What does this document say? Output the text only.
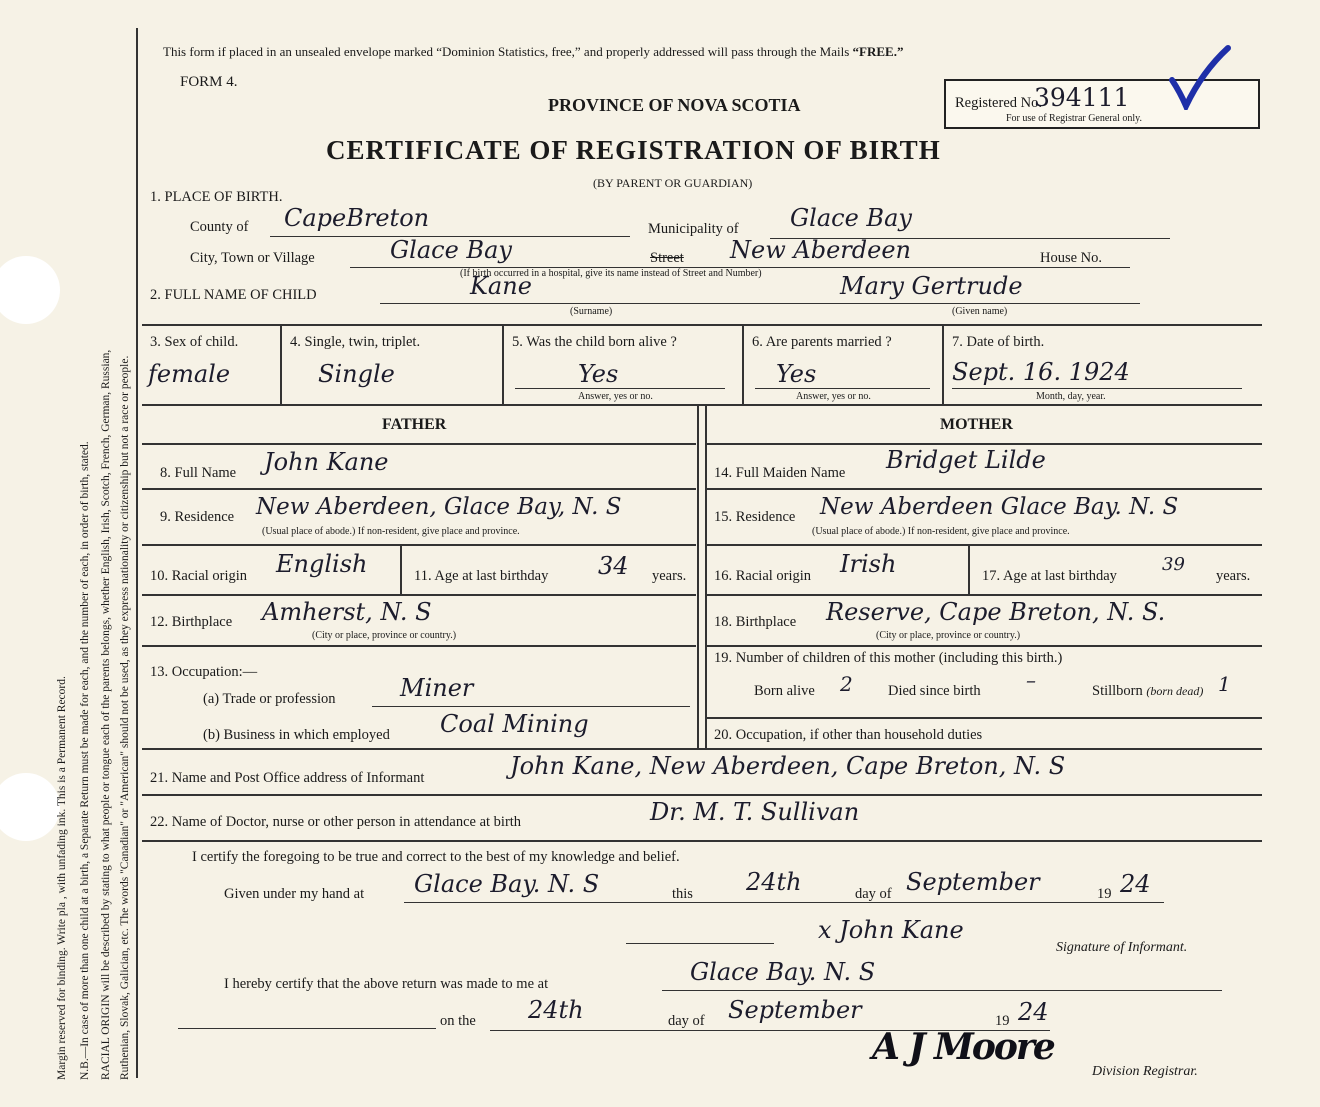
Margin reserved for binding. Write pla , with unfading ink. This is a Permanent Record. N.B.—In case of more than one child at a birth, a Separate Return must be made for each, and the number of each, in order of birth, stated. RACIAL ORIGIN will be described by stating to what people or tongue each of the parents belongs, whether English, Irish, Scotch, French, German, Russian, Ruthenian, Slovak, Galician, etc. The words "Canadian" or "American" should not be used, as they express nationality or citizenship but not a race or people.
This form if placed in an unsealed envelope marked “Dominion Statistics, free,” and properly addressed will pass through the Mails “FREE.”
FORM 4.
PROVINCE OF NOVA SCOTIA
CERTIFICATE OF REGISTRATION OF BIRTH
(BY PARENT OR GUARDIAN)
Registered No.
394111
For use of Registrar General only.
1. PLACE OF BIRTH.
County of CapeBreton	Municipality of Glace Bay
City, Town or Village	Glace Bay	Street New Aberdeen	House No.
(If birth occurred in a hospital, give its name instead of Street and Number)
2. FULL NAME OF CHILD	Kane	Mary Gertrude
(Surname)	(Given name)
3. Sex of child.
female
4. Single, twin, triplet.
Single
5. Was the child born alive ?
Yes
Answer, yes or no.
6. Are parents married ?
Yes
Answer, yes or no.
7. Date of birth.
Sept. 16. 1924
Month, day, year.
FATHER	MOTHER
8. Full Name John Kane
9. Residence New Aberdeen, Glace Bay, N. S
(Usual place of abode.) If non-resident, give place and province.
10. Racial origin English	11. Age at last birthday 34 years.
12. Birthplace Amherst, N. S
(City or place, province or country.)
13. Occupation:—
(a) Trade or profession	Miner
(b) Business in which employed Coal Mining
14. Full Maiden Name Bridget Lilde
15. Residence New Aberdeen Glace Bay. N. S
(Usual place of abode.) If non-resident, give place and province.
16. Racial origin Irish	17. Age at last birthday
39
years.
18. Birthplace Reserve, Cape Breton, N. S.
(City or place, province or country.)
19. Number of children of this mother (including this birth.)
Born alive 2 Died since birth –	Stillborn (born dead) 1
20. Occupation, if other than household duties
21. Name and Post Office address of Informant	John Kane, New Aberdeen, Cape Breton, N. S
22. Name of Doctor, nurse or other person in attendance at birth	Dr. M. T. Sullivan
I certify the foregoing to be true and correct to the best of my knowledge and belief.
Given under my hand at Glace Bay. N. S	this 24th	day of September	19 24
x John Kane
Signature of Informant.
I hereby certify that the above return was made to me at	Glace Bay. N. S
on the 24th	day of September	19 24
A J Moore
Division Registrar.
